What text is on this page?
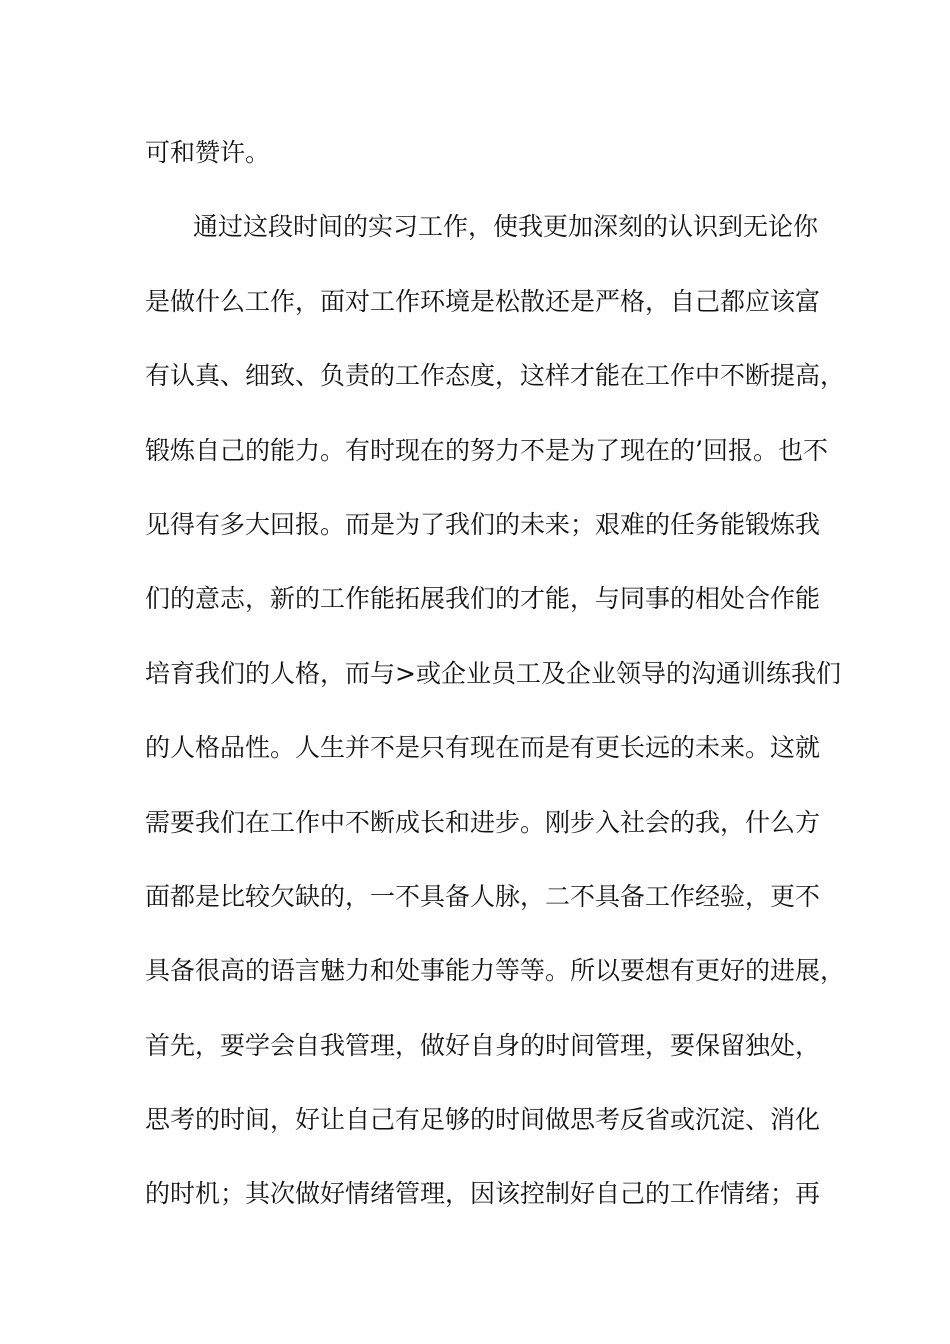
可和赞许。
通过这段时间的实习工作，使我更加深刻的认识到无论你
是做什么工作，面对工作环境是松散还是严格，自己都应该富
有认真、细致、负责的工作态度，这样才能在工作中不断提高，
锻炼自己的能力。有时现在的努力不是为了现在的’回报。也不
见得有多大回报。而是为了我们的未来；艰难的任务能锻炼我
们的意志，新的工作能拓展我们的才能，与同事的相处合作能
培育我们的人格，而与>或企业员工及企业领导的沟通训练我们
的人格品性。人生并不是只有现在而是有更长远的未来。这就
需要我们在工作中不断成长和进步。刚步入社会的我，什么方
面都是比较欠缺的，一不具备人脉，二不具备工作经验，更不
具备很高的语言魅力和处事能力等等。所以要想有更好的进展，
首先，要学会自我管理，做好自身的时间管理，要保留独处，
思考的时间，好让自己有足够的时间做思考反省或沉淀、消化
的时机；其次做好情绪管理，因该控制好自己的工作情绪；再
